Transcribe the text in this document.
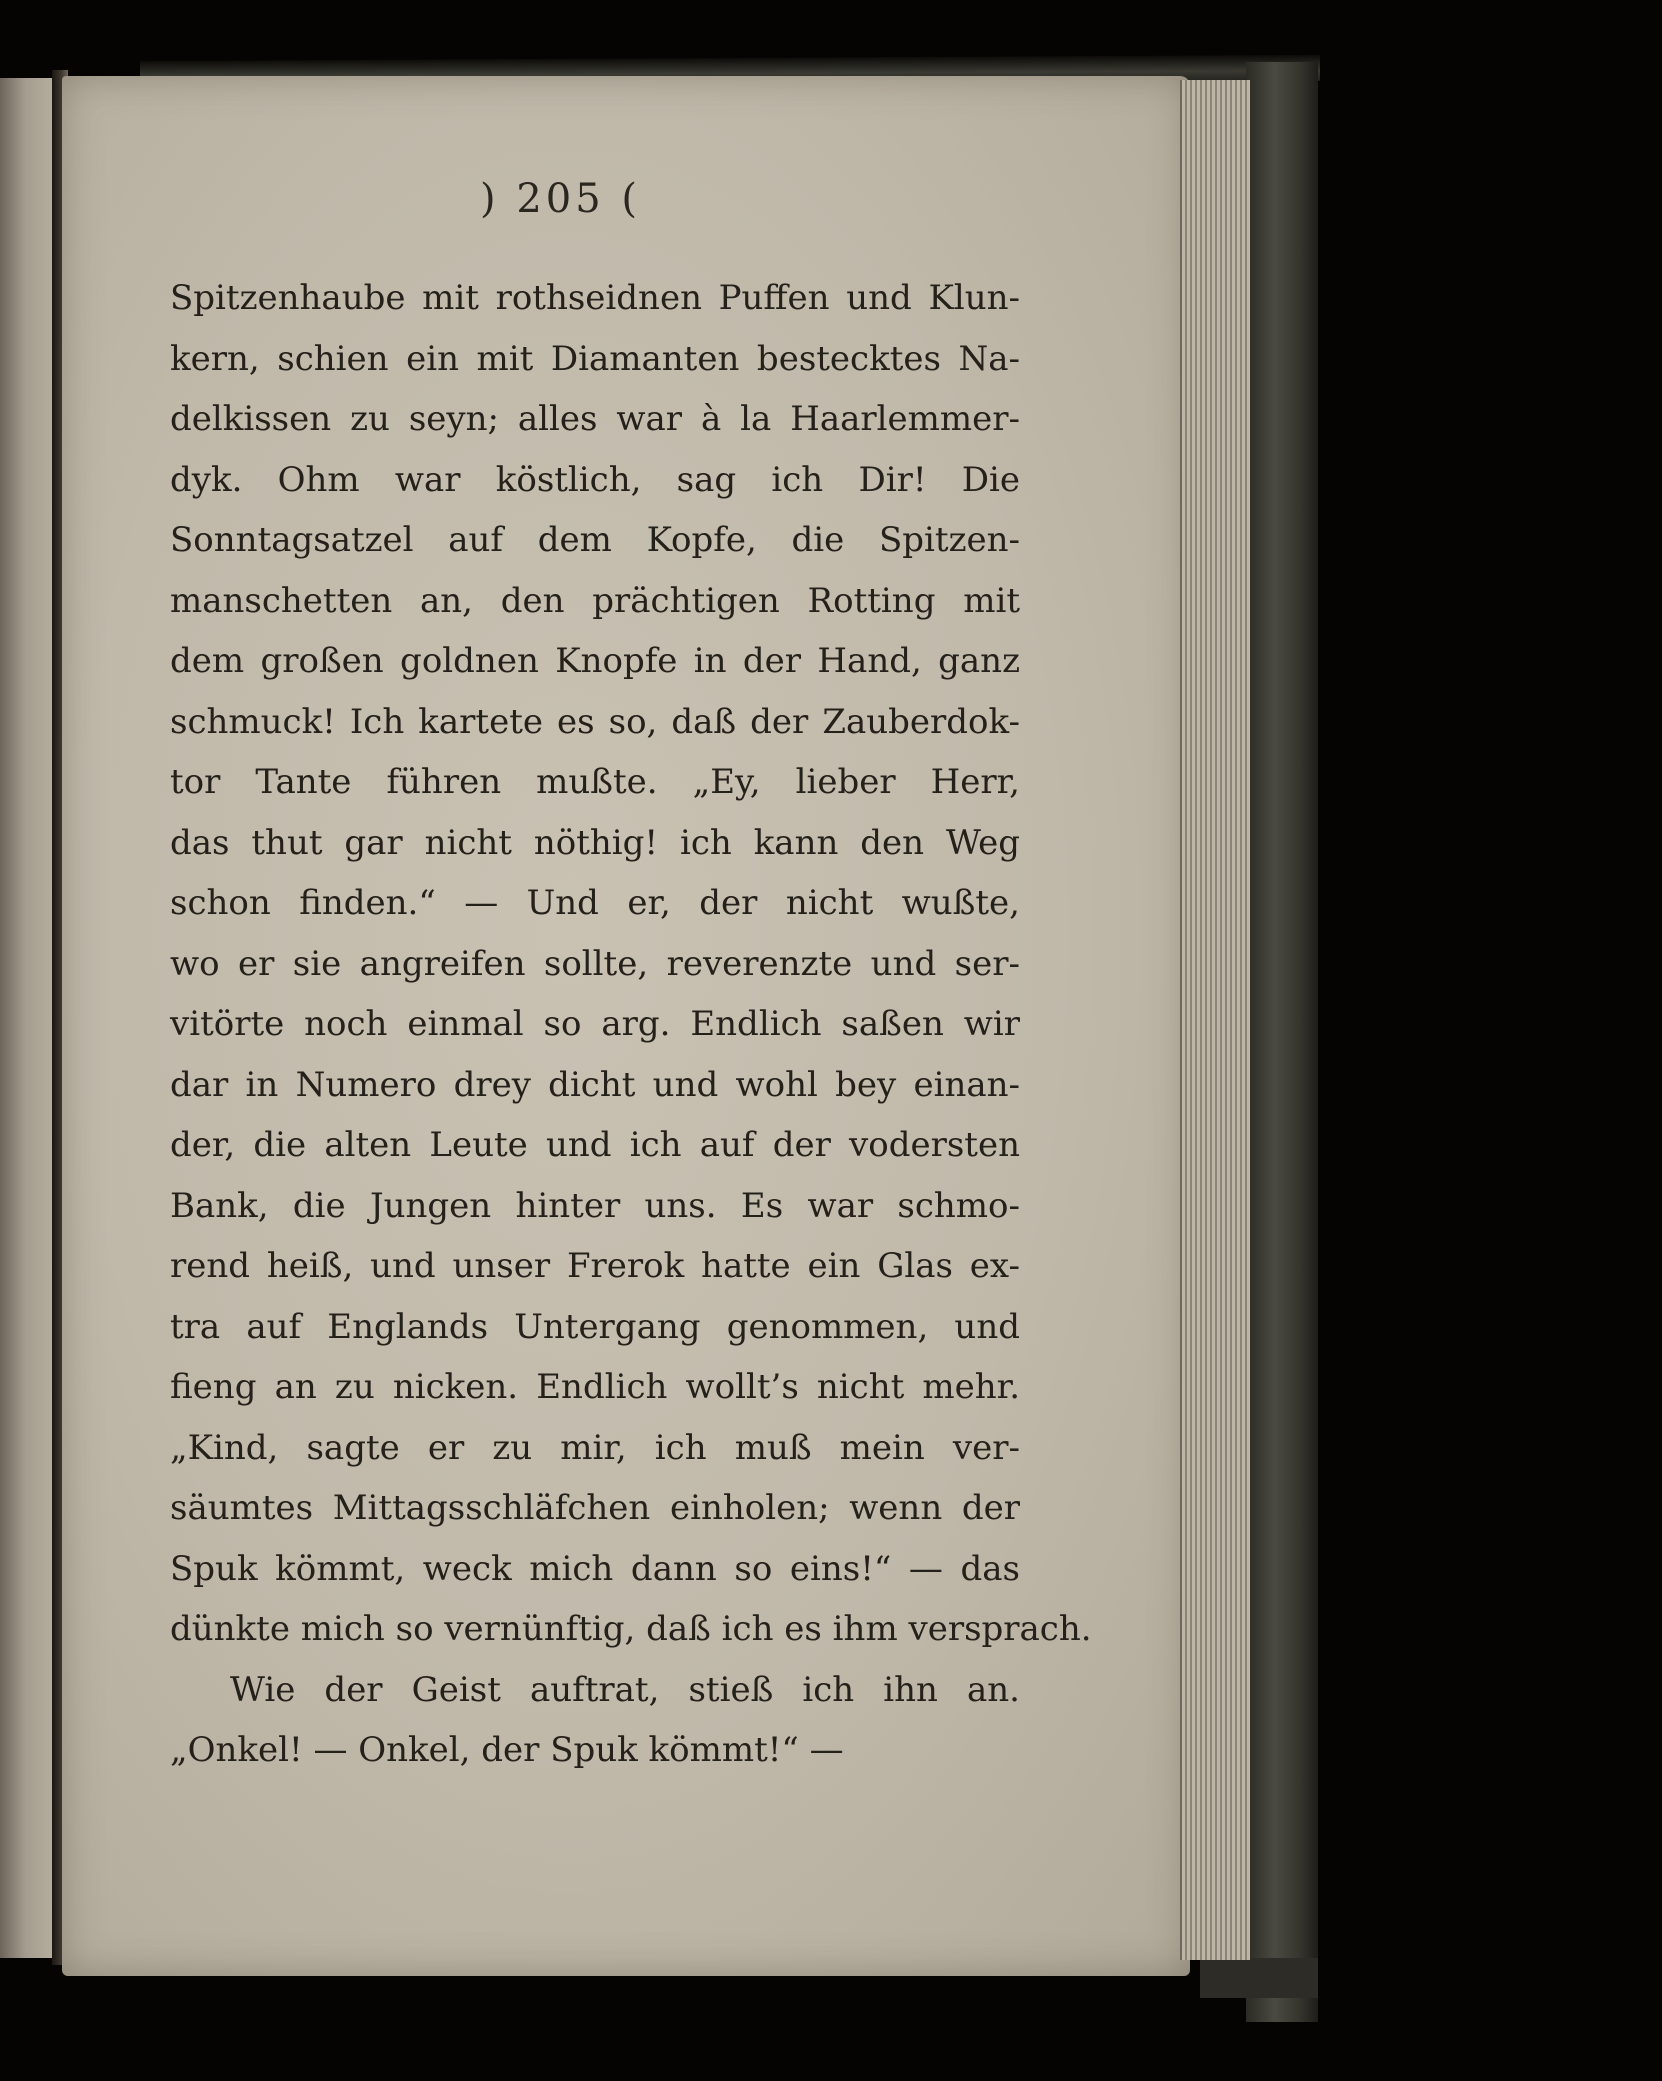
) 205 (
Spitzenhaube mit rothseidnen Puffen und Klun-
kern, schien ein mit Diamanten bestecktes Na-
delkissen zu seyn; alles war à la Haarlemmer-
dyk. Ohm war köstlich, sag ich Dir! Die
Sonntagsatzel auf dem Kopfe, die Spitzen-
manschetten an, den prächtigen Rotting mit
dem großen goldnen Knopfe in der Hand, ganz
schmuck! Ich kartete es so, daß der Zauberdok-
tor Tante führen mußte. „Ey, lieber Herr,
das thut gar nicht nöthig! ich kann den Weg
schon finden.“ — Und er, der nicht wußte,
wo er sie angreifen sollte, reverenzte und ser-
vitörte noch einmal so arg. Endlich saßen wir
dar in Numero drey dicht und wohl bey einan-
der, die alten Leute und ich auf der vodersten
Bank, die Jungen hinter uns. Es war schmo-
rend heiß, und unser Frerok hatte ein Glas ex-
tra auf Englands Untergang genommen, und
fieng an zu nicken. Endlich wollt’s nicht mehr.
„Kind, sagte er zu mir, ich muß mein ver-
säumtes Mittagsschläfchen einholen; wenn der
Spuk kömmt, weck mich dann so eins!“ — das
dünkte mich so vernünftig, daß ich es ihm versprach.
Wie der Geist auftrat, stieß ich ihn an.
„Onkel! — Onkel, der Spuk kömmt!“ —
